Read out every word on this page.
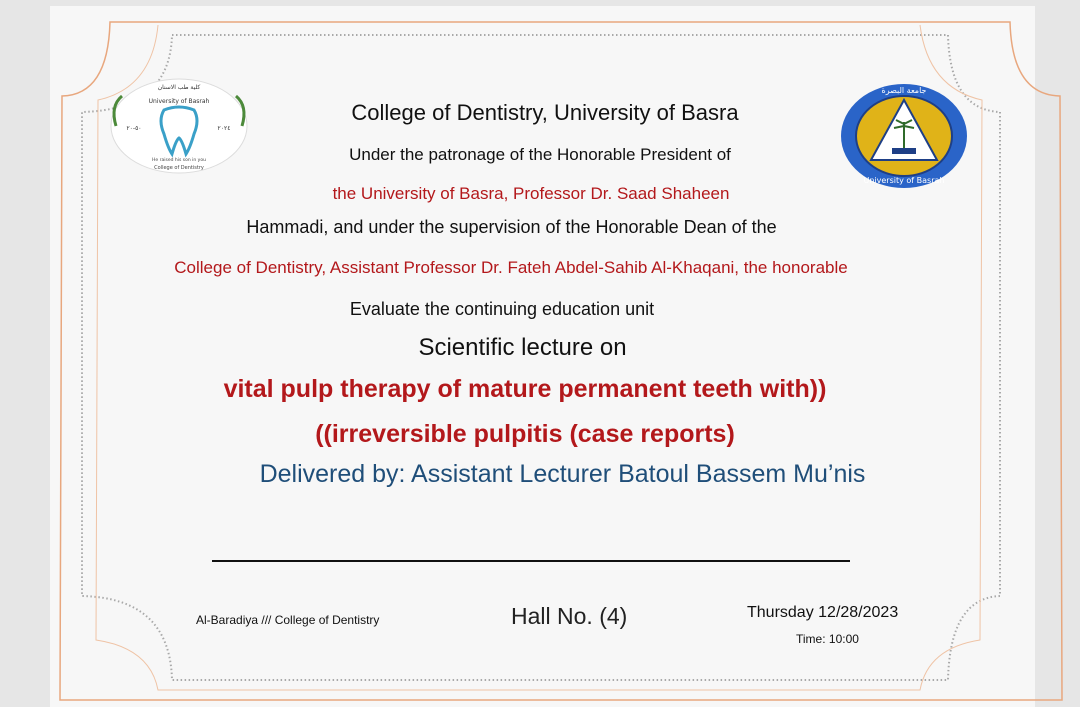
كلية طب الاسنان
University of Basrah
٥٠-٢٠	٢٠٢٤
He raised his son in you
College of Dentistry
جامعة البصرة
University of Basrah
College of Dentistry, University of Basra
Under the patronage of the Honorable President of
the University of Basra, Professor Dr. Saad Shaheen
Hammadi, and under the supervision of the Honorable Dean of the
College of Dentistry, Assistant Professor Dr. Fateh Abdel-Sahib Al-Khaqani, the honorable
Evaluate the continuing education unit
Scientific lecture on
vital pulp therapy of mature permanent teeth with))
((irreversible pulpitis (case reports)
Delivered by: Assistant Lecturer Batoul Bassem Mu’nis
Al-Baradiya /// College of Dentistry	Hall No. (4)	Thursday 12/28/2023
Time: 10:00
